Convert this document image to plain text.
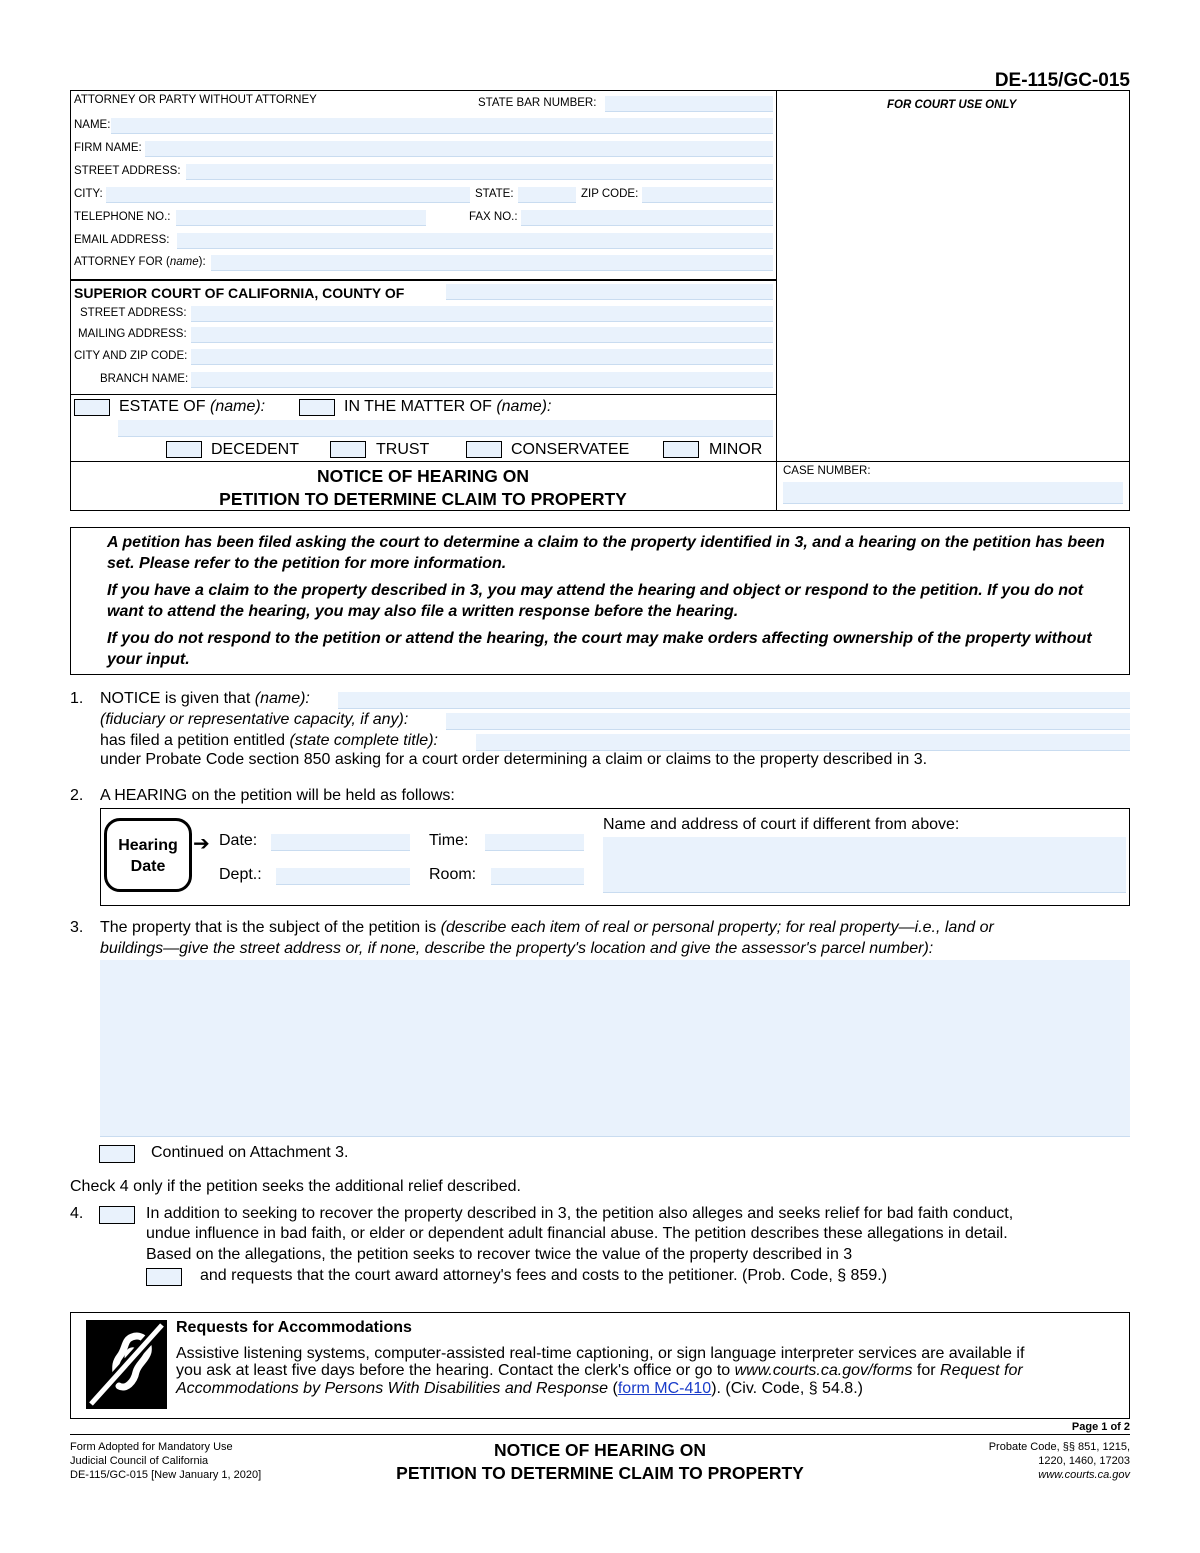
DE-115/GC-015
ATTORNEY OR PARTY WITHOUT ATTORNEY	STATE BAR NUMBER:
NAME:
FIRM NAME:
STREET ADDRESS:
CITY:	STATE:	ZIP CODE:
TELEPHONE NO.:	FAX NO.:
EMAIL ADDRESS:
ATTORNEY FOR (name):
FOR COURT USE ONLY
SUPERIOR COURT OF CALIFORNIA, COUNTY OF
STREET ADDRESS:
MAILING ADDRESS:
CITY AND ZIP CODE:
BRANCH NAME:
ESTATE OF (name):	IN THE MATTER OF (name):
DECEDENT	TRUST	CONSERVATEE	MINOR
NOTICE OF HEARING ON
PETITION TO DETERMINE CLAIM TO PROPERTY
CASE NUMBER:
A petition has been filed asking the court to determine a claim to the property identified in 3, and a hearing on the petition has been set. Please refer to the petition for more information.
If you have a claim to the property described in 3, you may attend the hearing and object or respond to the petition. If you do not want to attend the hearing, you may also file a written response before the hearing.
If you do not respond to the petition or attend the hearing, the court may make orders affecting ownership of the property without your input.
1. NOTICE is given that (name):
(fiduciary or representative capacity, if any):
has filed a petition entitled (state complete title):
under Probate Code section 850 asking for a court order determining a claim or claims to the property described in 3.
2. A HEARING on the petition will be held as follows:
Hearing
Date
➔ Date:	Time:
Dept.:	Room:
Name and address of court if different from above:
3. The property that is the subject of the petition is (describe each item of real or personal property; for real property—i.e., land or
buildings—give the street address or, if none, describe the property's location and give the assessor's parcel number):
Continued on Attachment 3.
Check 4 only if the petition seeks the additional relief described.
4.	In addition to seeking to recover the property described in 3, the petition also alleges and seeks relief for bad faith conduct,
undue influence in bad faith, or elder or dependent adult financial abuse. The petition describes these allegations in detail.
Based on the allegations, the petition seeks to recover twice the value of the property described in 3
and requests that the court award attorney's fees and costs to the petitioner. (Prob. Code, § 859.)
Requests for Accommodations
Assistive listening systems, computer-assisted real-time captioning, or sign language interpreter services are available if
you ask at least five days before the hearing. Contact the clerk's office or go to www.courts.ca.gov/forms for Request for
Accommodations by Persons With Disabilities and Response (form MC-410). (Civ. Code, § 54.8.)
Page 1 of 2
Form Adopted for Mandatory Use
Judicial Council of California
DE-115/GC-015 [New January 1, 2020]
NOTICE OF HEARING ON
PETITION TO DETERMINE CLAIM TO PROPERTY
Probate Code, §§ 851, 1215,
1220, 1460, 17203
www.courts.ca.gov
